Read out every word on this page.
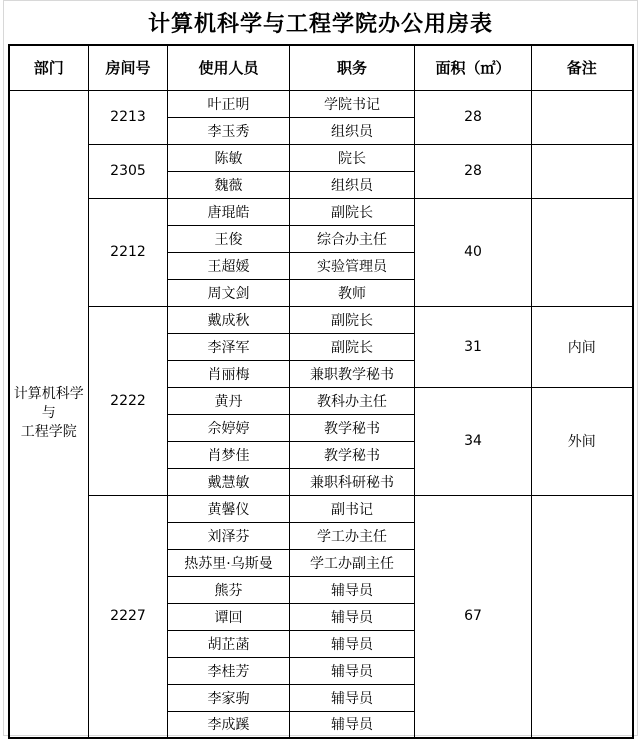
计算机科学与工程学院办公用房表
部门	房间号	使用人员	职务	面积（㎡）	备注

计算机科学与
工程学院	2213	叶正明	学院书记	28	
		李玉秀	组织员		
	2305	陈敏	院长	28	
		魏薇	组织员		
	2212	唐琨皓	副院长	40	
		王俊	综合办主任		
		王超媛	实验管理员		
		周文剑	教师		
	2222	戴成秋	副院长	31	内间
		李泽军	副院长		
		肖丽梅	兼职教学秘书		
		黄丹	教科办主任	34	外间
		佘婷婷	教学秘书		
		肖梦佳	教学秘书		
		戴慧敏	兼职科研秘书		
	2227	黄馨仪	副书记	67	
		刘泽芬	学工办主任		
		热苏里·乌斯曼	学工办副主任		
		熊芬	辅导员		
		谭回	辅导员		
		胡芷菡	辅导员		
		李桂芳	辅导员		
		李家驹	辅导员		
		李成蹊	辅导员		
